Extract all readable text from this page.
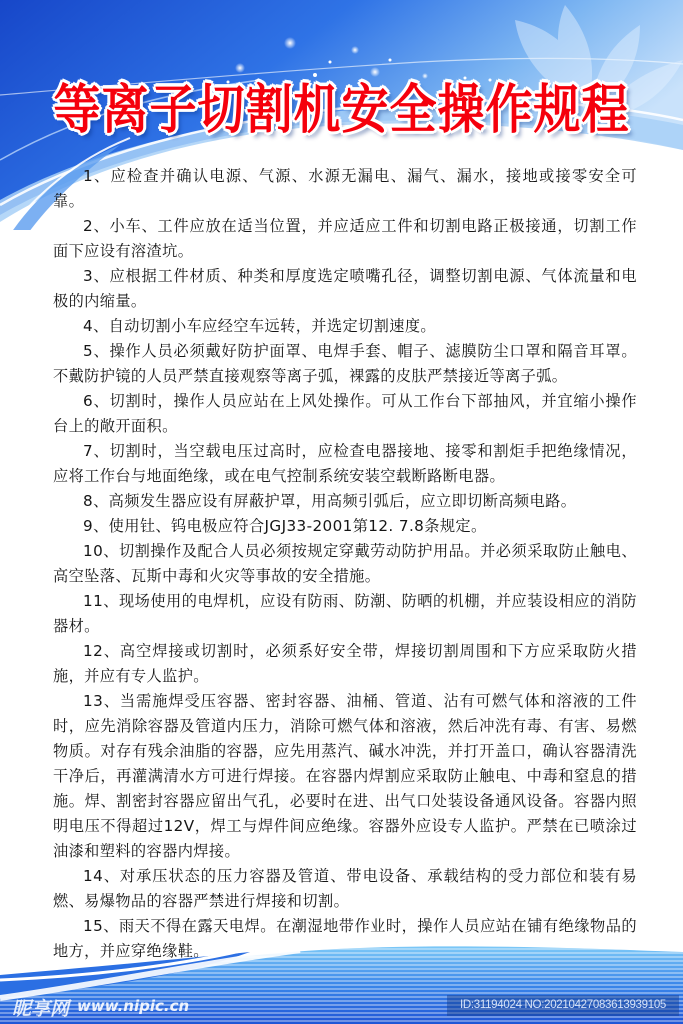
等离子切割机安全操作规程

1、应检查并确认电源、气源、水源无漏电、漏气、漏水，接地或接零安全可靠。

2、小车、工件应放在适当位置，并应适应工件和切割电路正极接通，切割工作面下应设有溶渣坑。

3、应根据工件材质、种类和厚度选定喷嘴孔径，调整切割电源、气体流量和电极的内缩量。

4、自动切割小车应经空车远转，并选定切割速度。

5、操作人员必须戴好防护面罩、电焊手套、帽子、滤膜防尘口罩和隔音耳罩。不戴防护镜的人员严禁直接观察等离子弧，裸露的皮肤严禁接近等离子弧。

6、切割时，操作人员应站在上风处操作。可从工作台下部抽风，并宜缩小操作台上的敞开面积。

7、切割时，当空载电压过高时，应检查电器接地、接零和割炬手把绝缘情况，应将工作台与地面绝缘，或在电气控制系统安装空载断路断电器。

8、高频发生器应设有屏蔽护罩，用高频引弧后，应立即切断高频电路。

9、使用钍、钨电极应符合JGJ33-2001第12. 7.8条规定。

10、切割操作及配合人员必须按规定穿戴劳动防护用品。并必须采取防止触电、高空坠落、瓦斯中毒和火灾等事故的安全措施。

11、现场使用的电焊机，应设有防雨、防潮、防晒的机棚，并应装设相应的消防器材。

12、高空焊接或切割时，必须系好安全带，焊接切割周围和下方应采取防火措施，并应有专人监护。

13、当需施焊受压容器、密封容器、油桶、管道、沾有可燃气体和溶液的工件时，应先消除容器及管道内压力，消除可燃气体和溶液，然后冲洗有毒、有害、易燃物质。对存有残余油脂的容器，应先用蒸汽、碱水冲洗，并打开盖口，确认容器清洗干净后，再灌满清水方可进行焊接。在容器内焊割应采取防止触电、中毒和窒息的措施。焊、割密封容器应留出气孔，必要时在进、出气口处装设备通风设备。容器内照明电压不得超过12V，焊工与焊件间应绝缘。容器外应设专人监护。严禁在已喷涂过油漆和塑料的容器内焊接。

14、对承压状态的压力容器及管道、带电设备、承载结构的受力部位和装有易燃、易爆物品的容器严禁进行焊接和切割。

15、雨天不得在露天电焊。在潮湿地带作业时，操作人员应站在铺有绝缘物品的地方，并应穿绝缘鞋。

昵享网 www.nipic.cn	ID:31194024 NO:20210427083613939105
